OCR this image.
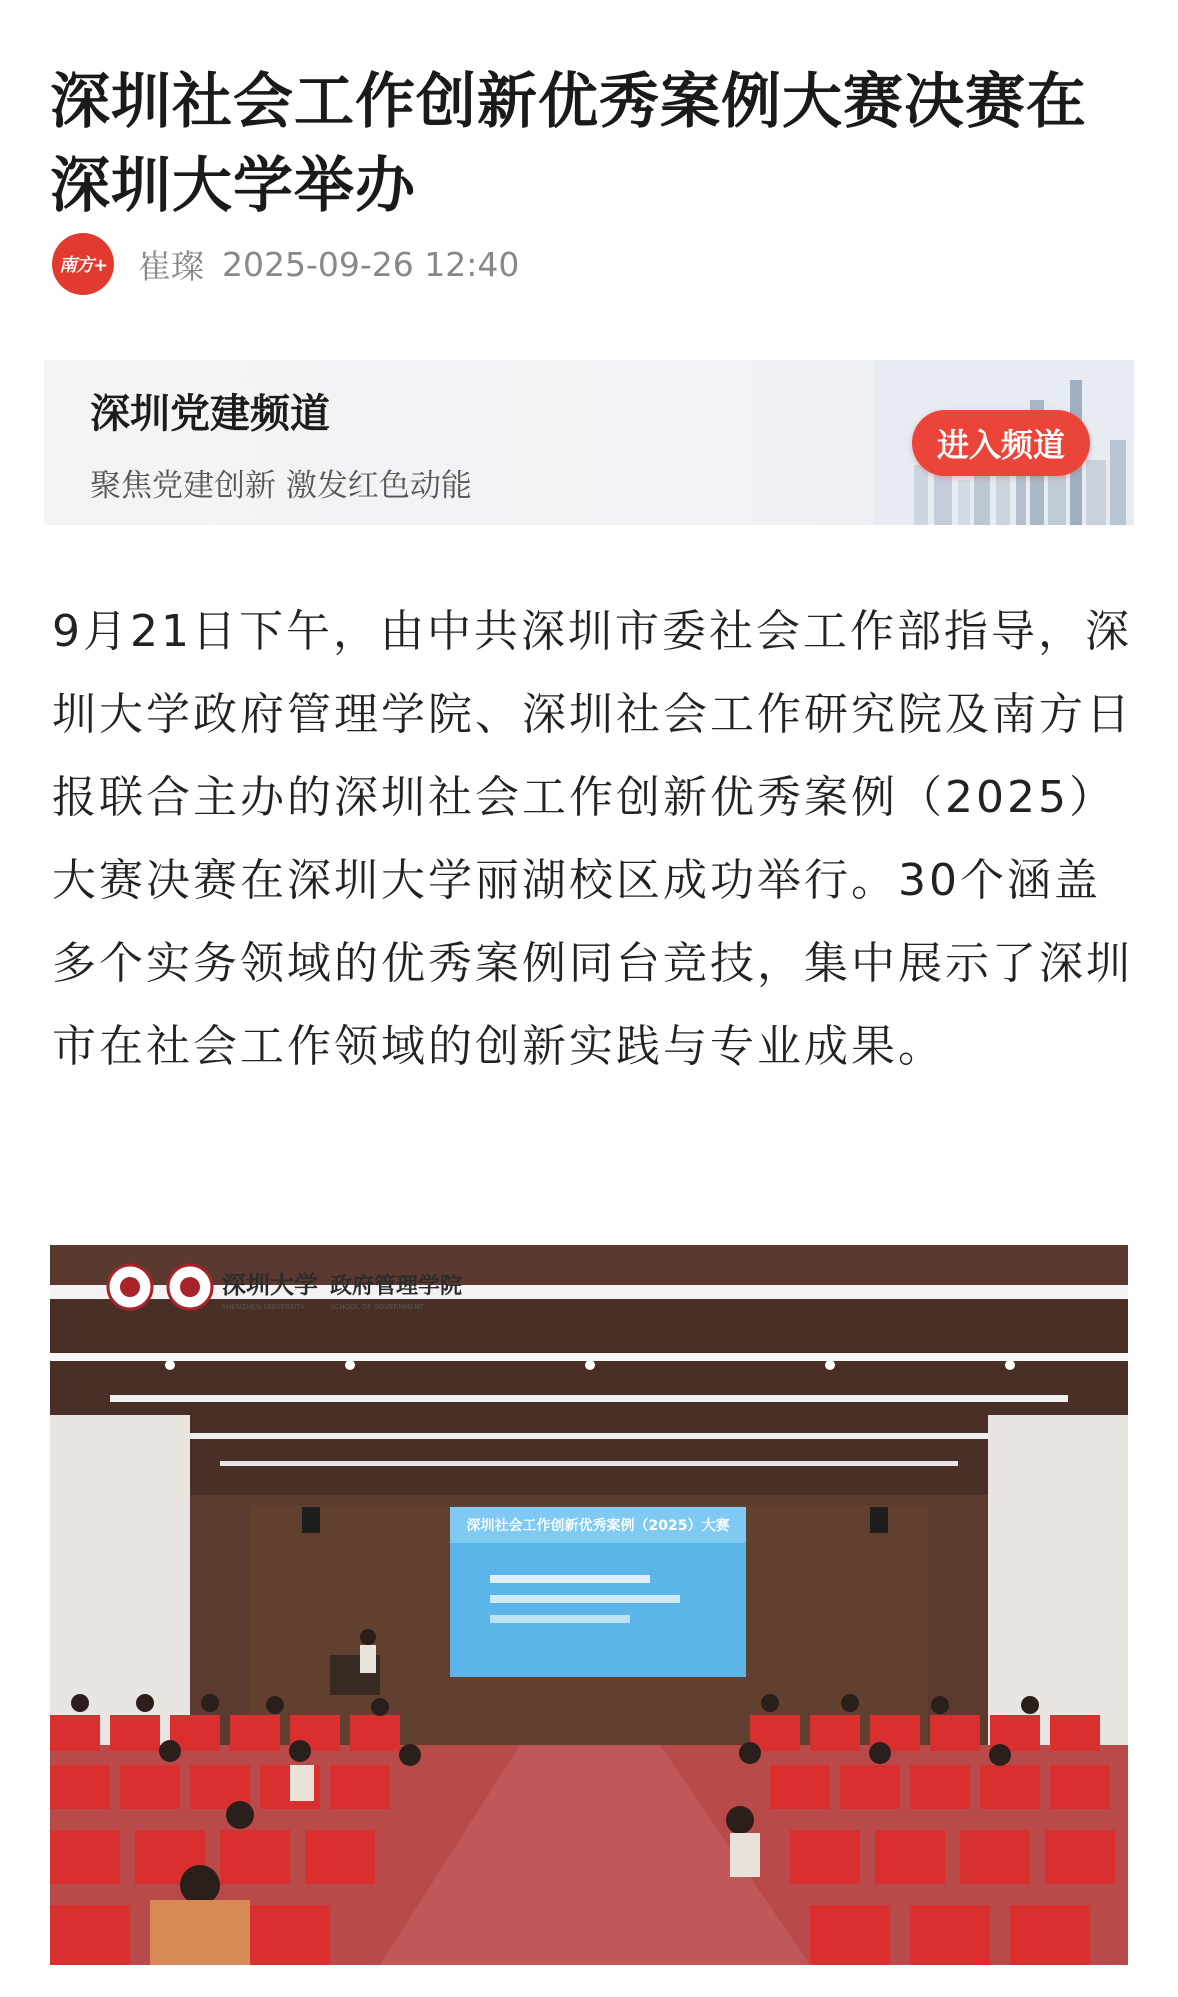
深圳社会工作创新优秀案例大赛决赛在深圳大学举办
南方+ 崔璨 2025-09-26 12:40
深圳党建频道
聚焦党建创新 激发红色动能
进入频道

9月21日下午，由中共深圳市委社会工作部指导，深圳大学政府管理学院、深圳社会工作研究院及南方日报联合主办的深圳社会工作创新优秀案例（2025）大赛决赛在深圳大学丽湖校区成功举行。30个涵盖多个实务领域的优秀案例同台竞技，集中展示了深圳市在社会工作领域的创新实践与专业成果。

深圳大学 政府管理学院
SHENZHEN UNIVERSITY	SCHOOL OF GOVERNMENT
深圳社会工作创新优秀案例（2025）大赛
